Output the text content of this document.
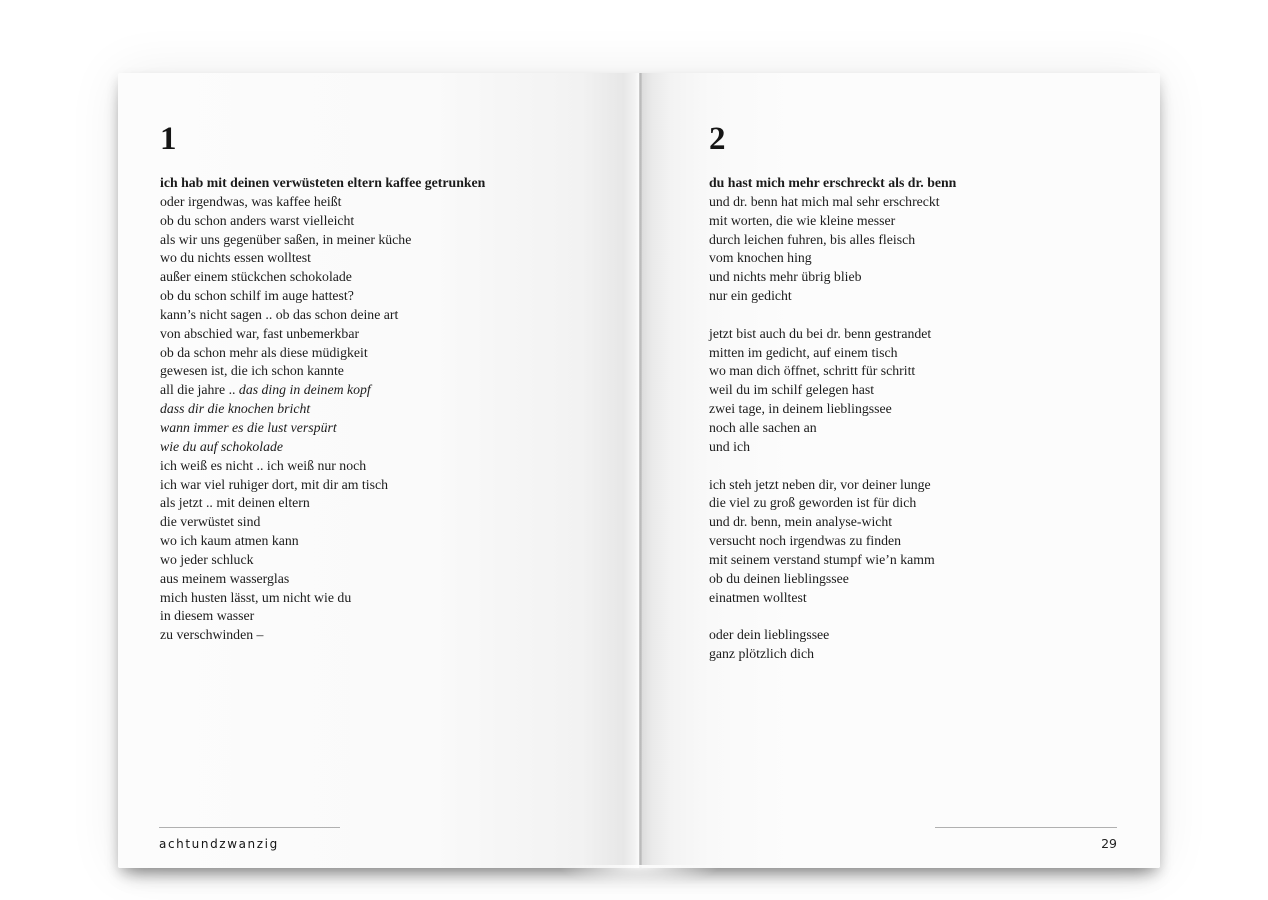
1
ich hab mit deinen verwüsteten eltern kaffee getrunken
oder irgendwas, was kaffee heißt
ob du schon anders warst vielleicht
als wir uns gegenüber saßen, in meiner küche
wo du nichts essen wolltest
außer einem stückchen schokolade
ob du schon schilf im auge hattest?
kann’s nicht sagen .. ob das schon deine art
von abschied war, fast unbemerkbar
ob da schon mehr als diese müdigkeit
gewesen ist, die ich schon kannte
all die jahre .. das ding in deinem kopf
dass dir die knochen bricht
wann immer es die lust verspürt
wie du auf schokolade
ich weiß es nicht .. ich weiß nur noch
ich war viel ruhiger dort, mit dir am tisch
als jetzt .. mit deinen eltern
die verwüstet sind
wo ich kaum atmen kann
wo jeder schluck
aus meinem wasserglas
mich husten lässt, um nicht wie du
in diesem wasser
zu verschwinden –
achtundzwanzig
2
du hast mich mehr erschreckt als dr. benn
und dr. benn hat mich mal sehr erschreckt
mit worten, die wie kleine messer
durch leichen fuhren, bis alles fleisch
vom knochen hing
und nichts mehr übrig blieb
nur ein gedicht
jetzt bist auch du bei dr. benn gestrandet
mitten im gedicht, auf einem tisch
wo man dich öffnet, schritt für schritt
weil du im schilf gelegen hast
zwei tage, in deinem lieblingssee
noch alle sachen an
und ich
ich steh jetzt neben dir, vor deiner lunge
die viel zu groß geworden ist für dich
und dr. benn, mein analyse-wicht
versucht noch irgendwas zu finden
mit seinem verstand stumpf wie’n kamm
ob du deinen lieblingssee
einatmen wolltest
oder dein lieblingssee
ganz plötzlich dich
29
